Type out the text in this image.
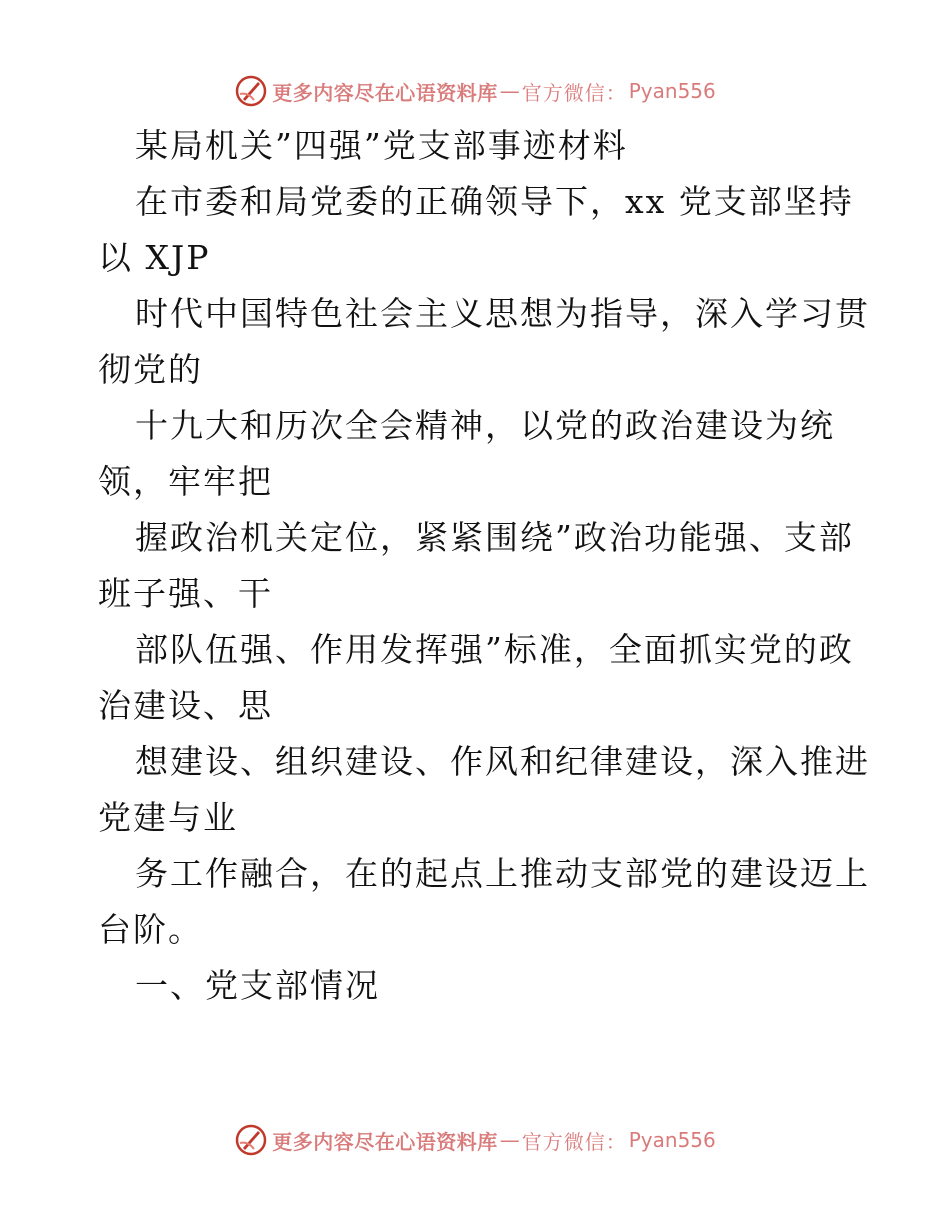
更多内容尽在心语资料库 — 官方微信： Pyan556
某局机关”四强”党支部事迹材料
在市委和局党委的正确领导下，xx 党支部坚持
以 XJP
时代中国特色社会主义思想为指导，深入学习贯
彻党的
十九大和历次全会精神，以党的政治建设为统
领，牢牢把
握政治机关定位，紧紧围绕”政治功能强、支部
班子强、干
部队伍强、作用发挥强”标准，全面抓实党的政
治建设、思
想建设、组织建设、作风和纪律建设，深入推进
党建与业
务工作融合，在的起点上推动支部党的建设迈上
台阶。
一、党支部情况
更多内容尽在心语资料库 — 官方微信： Pyan556
